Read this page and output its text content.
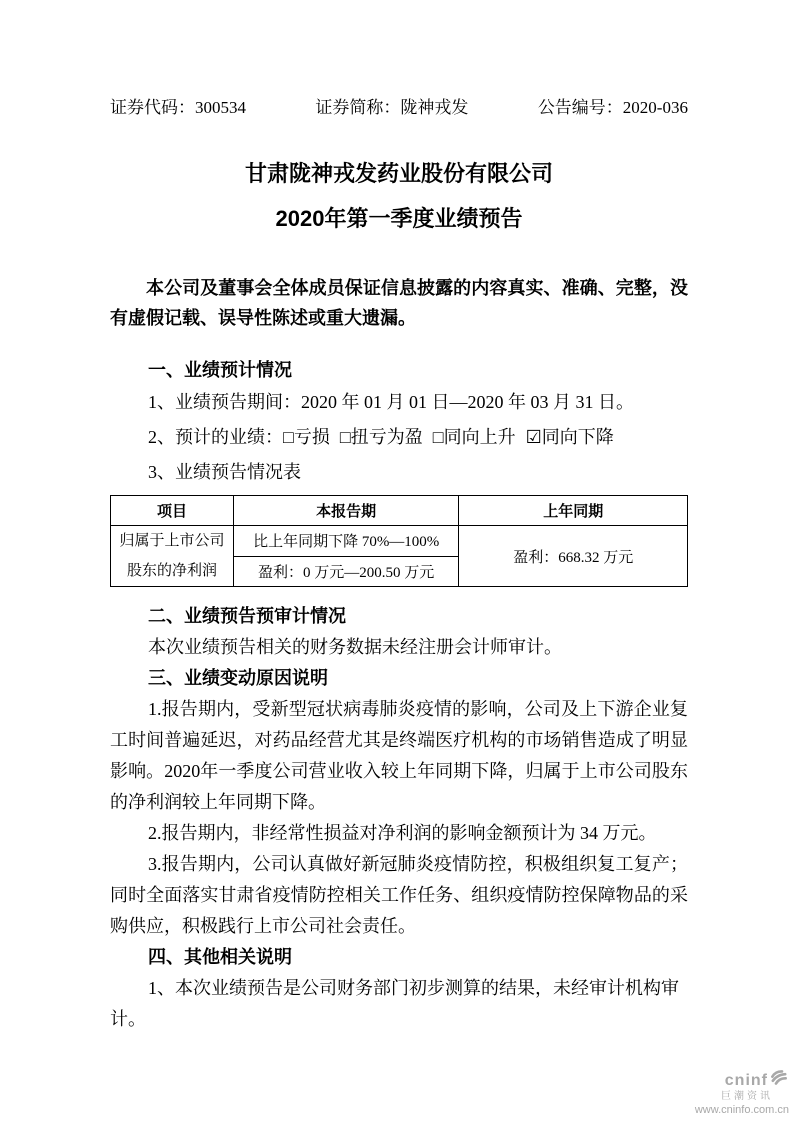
证券代码：300534	证券简称：陇神戎发	公告编号：2020-036
甘肃陇神戎发药业股份有限公司
2020年第一季度业绩预告

本公司及董事会全体成员保证信息披露的内容真实、准确、完整，没有虚假记载、误导性陈述或重大遗漏。

一、业绩预计情况

1、业绩预告期间：2020 年 01 月 01 日—2020 年 03 月 31 日。

2、预计的业绩：□亏损 □扭亏为盈 □同向上升 ☑同向下降

3、业绩预告情况表

项目	本报告期	上年同期

归属于上市公司
股东的净利润	比上年同期下降 70%—100%	盈利：668.32 万元
	盈利：0 万元—200.50 万元	

二、业绩预告预审计情况

本次业绩预告相关的财务数据未经注册会计师审计。

三、业绩变动原因说明

1.报告期内，受新型冠状病毒肺炎疫情的影响，公司及上下游企业复工时间普遍延迟，对药品经营尤其是终端医疗机构的市场销售造成了明显影响。2020年一季度公司营业收入较上年同期下降，归属于上市公司股东的净利润较上年同期下降。

2.报告期内，非经常性损益对净利润的影响金额预计为 34 万元。

3.报告期内，公司认真做好新冠肺炎疫情防控，积极组织复工复产；同时全面落实甘肃省疫情防控相关工作任务、组织疫情防控保障物品的采购供应，积极践行上市公司社会责任。

四、其他相关说明

1、本次业绩预告是公司财务部门初步测算的结果，未经审计机构审计。

cninf
巨潮资讯
www.cninfo.com.cn
